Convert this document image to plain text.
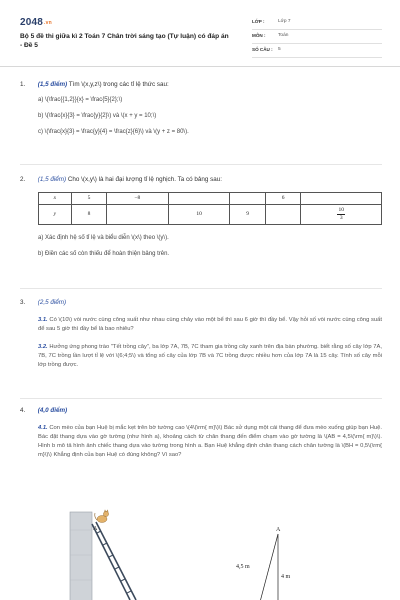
2048.vn
Bộ 5 đề thi giữa kì 2 Toán 7 Chân trời sáng tạo (Tự luận) có đáp án - Đề 5
LỚP :	Lớp 7
MÔN :	Toán
SỐ CÂU :	5
1. (1,5 điểm) Tìm \(x,y,z\) trong các tỉ lệ thức sau:
a) \(\frac{{1,2}}{x} = \frac{5}{2};\)
b) \(\frac{x}{3} = \frac{y}{2}\) và \(x + y = 10;\)
c) \(\frac{x}{3} = \frac{y}{4} = \frac{z}{6}\) và \(y + z = 80\).
2. (1,5 điểm) Cho \(x,y\) là hai đại lượng tỉ lệ nghịch. Ta có bảng sau:
x	5	–8			6	
y	8		10	9		$\frac{10}{3}$
a) Xác định hệ số tỉ lệ và biểu diễn \(x\) theo \(y\).
b) Điền các số còn thiếu để hoàn thiện bảng trên.
3. (2,5 điểm)
3.1. Có \(10\) vòi nước cùng công suất như nhau cùng chảy vào một bể thì sau 6 giờ thì đầy bể. Vậy hỏi số vòi nước cùng công suất để sau 5 giờ thì đầy bể là bao nhiêu?
3.2. Hưởng ứng phong trào "Tết trồng cây", ba lớp 7A, 7B, 7C tham gia trồng cây xanh trên địa bàn phường. biết rằng số cây lớp 7A, 7B, 7C trồng lần lượt tỉ lệ với \(6;4;5\) và tổng số cây của lớp 7B và 7C trồng được nhiều hơn của lớp 7A là 15 cây. Tính số cây mỗi lớp trồng được.
4. (4,0 điểm)
4.1. Con mèo của bạn Huệ bị mắc kẹt trên bờ tường cao \(4\(\rm{ m}\)\) Bác sử dụng một cái thang để đưa mèo xuống giúp bạn Huệ. Bác đặt thang dựa vào gờ tường (như hình a), khoảng cách từ chân thang đến điểm chạm vào gờ tường là \(AB = 4,5\(\rm{ m}\)\). Hình b mô tả hình ảnh chiếc thang dựa vào tường trong hình a. Bạn Huệ khẳng định chân thang cách chân tường là \(BH = 0,5\(\rm{ m}\)\) Khẳng định của bạn Huệ có đúng không? Vì sao?
A	A
4,5 m
4 m
